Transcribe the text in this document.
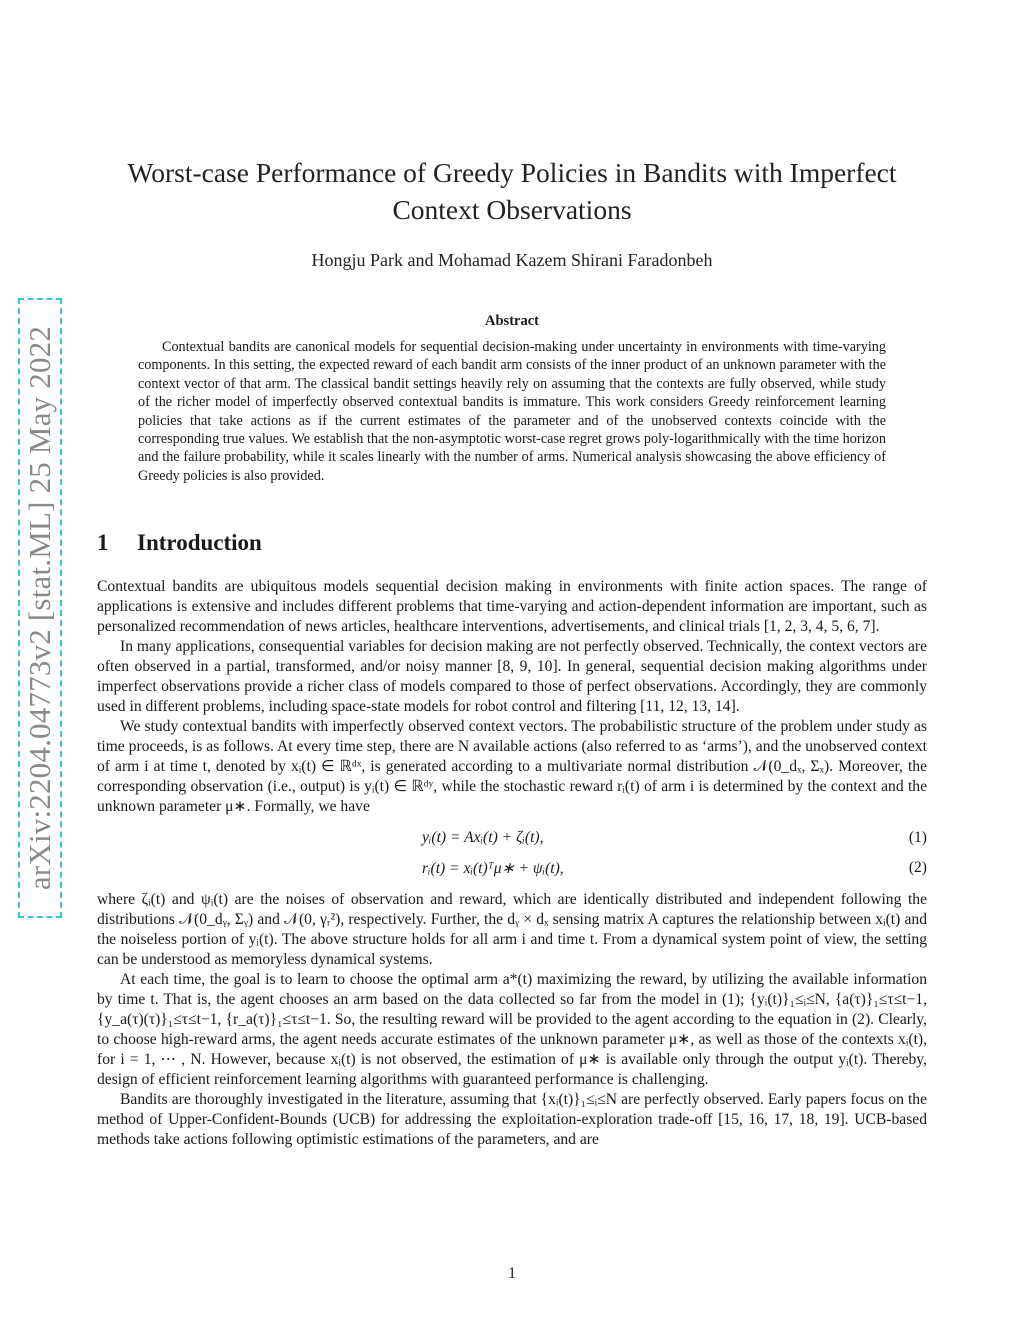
arXiv:2204.04773v2 [stat.ML] 25 May 2022
Worst-case Performance of Greedy Policies in Bandits with Imperfect
Context Observations
Hongju Park and Mohamad Kazem Shirani Faradonbeh
Abstract

Contextual bandits are canonical models for sequential decision-making under uncertainty in environments with time-varying components. In this setting, the expected reward of each bandit arm consists of the inner product of an unknown parameter with the context vector of that arm. The classical bandit settings heavily rely on assuming that the contexts are fully observed, while study of the richer model of imperfectly observed contextual bandits is immature. This work considers Greedy reinforcement learning policies that take actions as if the current estimates of the parameter and of the unobserved contexts coincide with the corresponding true values. We establish that the non-asymptotic worst-case regret grows poly-logarithmically with the time horizon and the failure probability, while it scales linearly with the number of arms. Numerical analysis showcasing the above efficiency of Greedy policies is also provided.

1 Introduction

Contextual bandits are ubiquitous models sequential decision making in environments with finite action spaces. The range of applications is extensive and includes different problems that time-varying and action-dependent information are important, such as personalized recommendation of news articles, healthcare interventions, advertisements, and clinical trials [1, 2, 3, 4, 5, 6, 7].

In many applications, consequential variables for decision making are not perfectly observed. Technically, the context vectors are often observed in a partial, transformed, and/or noisy manner [8, 9, 10]. In general, sequential decision making algorithms under imperfect observations provide a richer class of models compared to those of perfect observations. Accordingly, they are commonly used in different problems, including space-state models for robot control and filtering [11, 12, 13, 14].

We study contextual bandits with imperfectly observed context vectors. The probabilistic structure of the problem under study as time proceeds, is as follows. At every time step, there are N available actions (also referred to as ‘arms’), and the unobserved context of arm i at time t, denoted by xᵢ(t) ∈ ℝᵈˣ, is generated according to a multivariate normal distribution 𝒩(0_dₓ, Σₓ). Moreover, the corresponding observation (i.e., output) is yᵢ(t) ∈ ℝᵈʸ, while the stochastic reward rᵢ(t) of arm i is determined by the context and the unknown parameter μ∗. Formally, we have

yᵢ(t) = Axᵢ(t) + ζᵢ(t),	(1)
rᵢ(t) = xᵢ(t)ᵀμ∗ + ψᵢ(t),	(2)

where ζᵢ(t) and ψᵢ(t) are the noises of observation and reward, which are identically distributed and independent following the distributions 𝒩(0_dᵧ, Σᵧ) and 𝒩(0, γᵣ²), respectively. Further, the dᵧ × dₓ sensing matrix A captures the relationship between xᵢ(t) and the noiseless portion of yᵢ(t). The above structure holds for all arm i and time t. From a dynamical system point of view, the setting can be understood as memoryless dynamical systems.

At each time, the goal is to learn to choose the optimal arm a*(t) maximizing the reward, by utilizing the available information by time t. That is, the agent chooses an arm based on the data collected so far from the model in (1); {yᵢ(t)}₁≤ᵢ≤N, {a(τ)}₁≤τ≤t−1, {y_a(τ)(τ)}₁≤τ≤t−1, {r_a(τ)}₁≤τ≤t−1. So, the resulting reward will be provided to the agent according to the equation in (2). Clearly, to choose high-reward arms, the agent needs accurate estimates of the unknown parameter μ∗, as well as those of the contexts xᵢ(t), for i = 1, ⋯ , N. However, because xᵢ(t) is not observed, the estimation of μ∗ is available only through the output yᵢ(t). Thereby, design of efficient reinforcement learning algorithms with guaranteed performance is challenging.

Bandits are thoroughly investigated in the literature, assuming that {xᵢ(t)}₁≤ᵢ≤N are perfectly observed. Early papers focus on the method of Upper-Confident-Bounds (UCB) for addressing the exploitation-exploration trade-off [15, 16, 17, 18, 19]. UCB-based methods take actions following optimistic estimations of the parameters, and are

1
